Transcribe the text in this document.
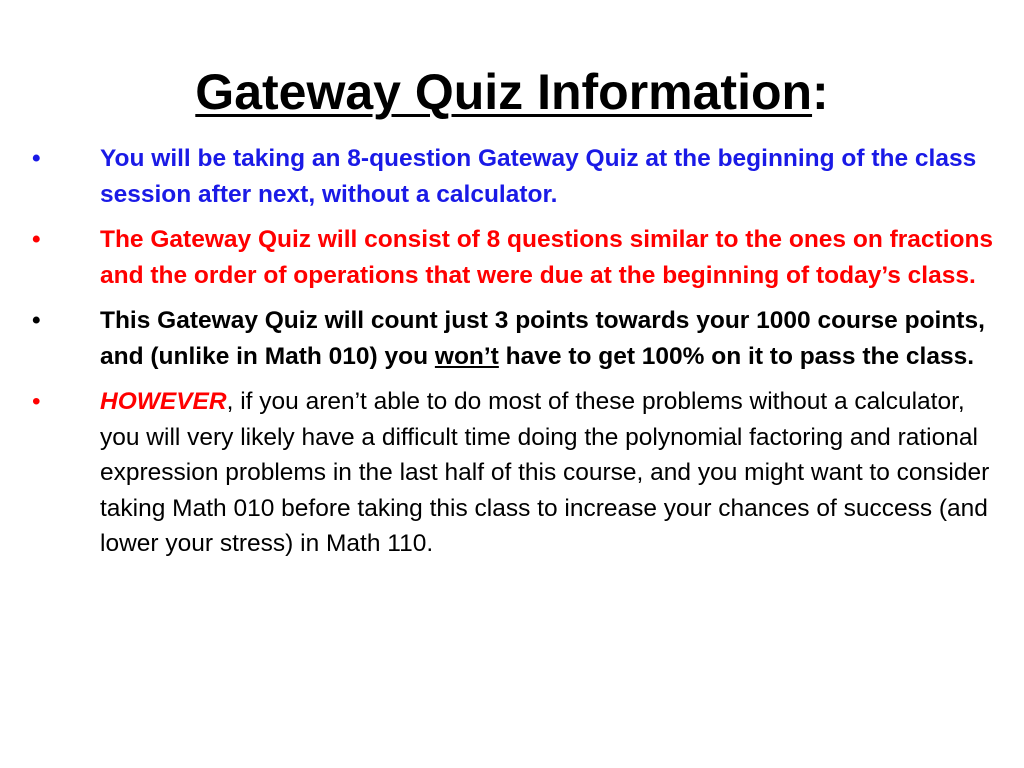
Gateway Quiz Information:
•	You will be taking an 8-question Gateway Quiz at the beginning of the class session after next, without a calculator.
•	The Gateway Quiz will consist of 8 questions similar to the ones on fractions and the order of operations that were due at the beginning of today’s class.
•	This Gateway Quiz will count just 3 points towards your 1000 course points, and (unlike in Math 010) you won’t have to get 100% on it to pass the class.
•	HOWEVER, if you aren’t able to do most of these problems without a calculator, you will very likely have a difficult time doing the polynomial factoring and rational expression problems in the last half of this course, and you might want to consider taking Math 010 before taking this class to increase your chances of success (and lower your stress) in Math 110.
